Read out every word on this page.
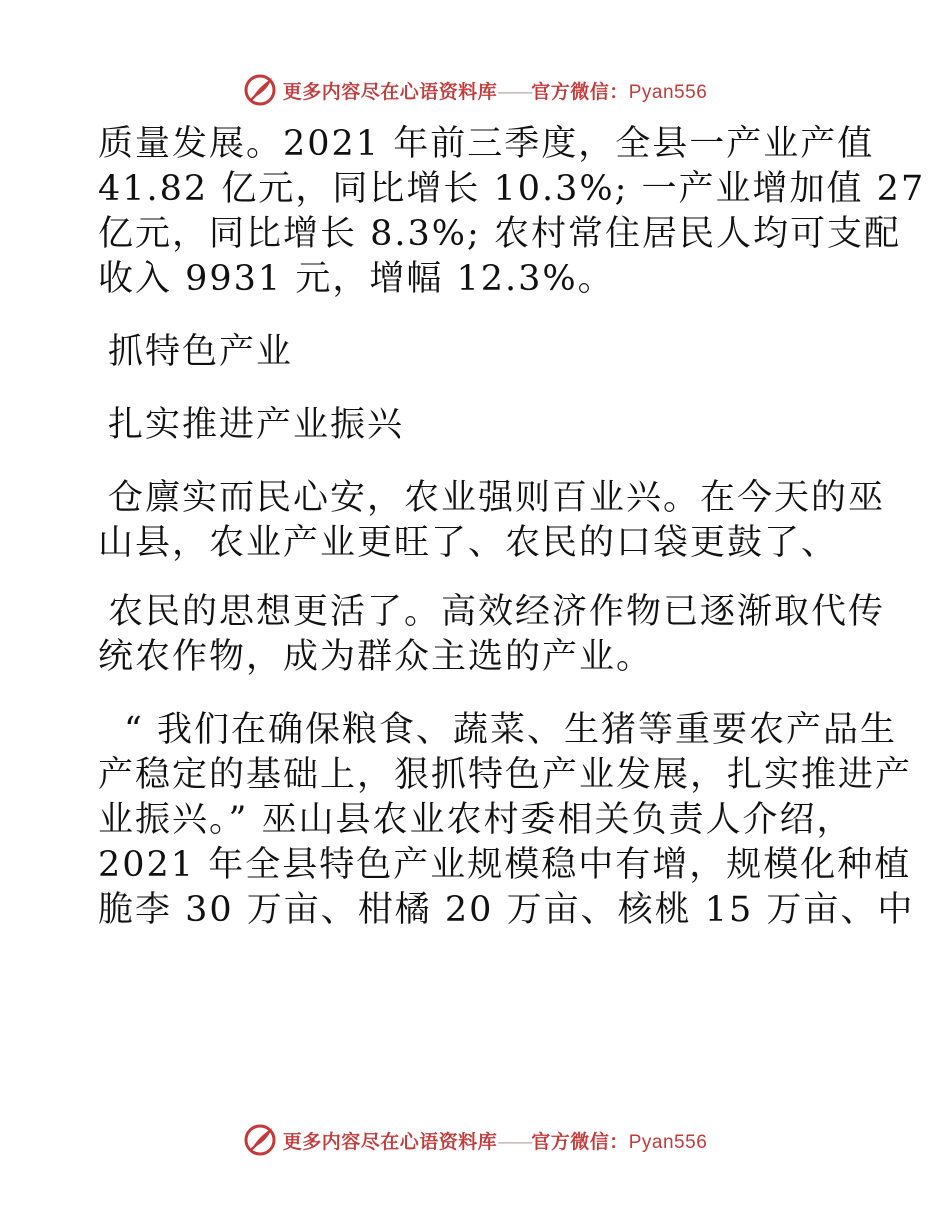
更多内容尽在心语资料库——官方微信：Pyan556

质量发展。2021 年前三季度，全县一产业产值

41.82 亿元，同比增长 10.3%; 一产业增加值 27

亿元，同比增长 8.3%; 农村常住居民人均可支配

收入 9931 元，增幅 12.3%。

抓特色产业

扎实推进产业振兴

仓廪实而民心安，农业强则百业兴。在今天的巫

山县，农业产业更旺了、农民的口袋更鼓了、

农民的思想更活了。高效经济作物已逐渐取代传

统农作物，成为群众主选的产业。

“ 我们在确保粮食、蔬菜、生猪等重要农产品生

产稳定的基础上，狠抓特色产业发展，扎实推进产

业振兴。” 巫山县农业农村委相关负责人介绍，

2021 年全县特色产业规模稳中有增，规模化种植

脆李 30 万亩、柑橘 20 万亩、核桃 15 万亩、中

更多内容尽在心语资料库——官方微信：Pyan556
